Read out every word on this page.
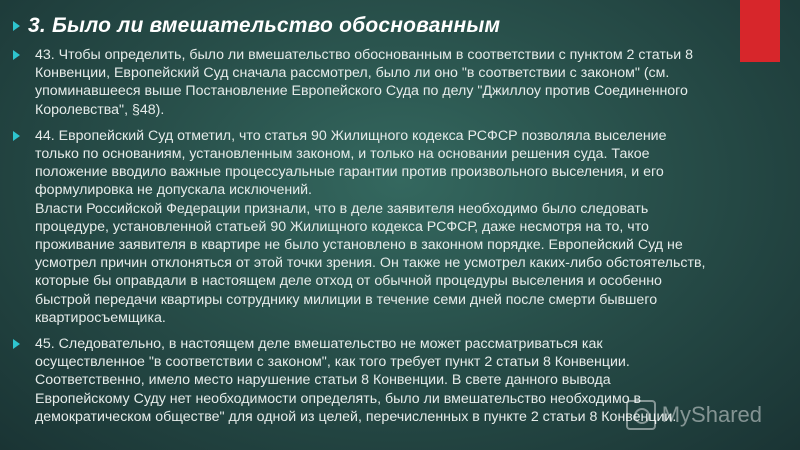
3. Было ли вмешательство обоснованным
43. Чтобы определить, было ли вмешательство обоснованным в соответствии с пунктом 2 статьи 8
Конвенции, Европейский Суд сначала рассмотрел, было ли оно "в соответствии с законом" (см.
упоминавшееся выше Постановление Европейского Суда по делу "Джиллоу против Соединенного
Королевства", §48).
44. Европейский Суд отметил, что статья 90 Жилищного кодекса РСФСР позволяла выселение
только по основаниям, установленным законом, и только на основании решения суда. Такое
положение вводило важные процессуальные гарантии против произвольного выселения, и его
формулировка не допускала исключений.
Власти Российской Федерации признали, что в деле заявителя необходимо было следовать
процедуре, установленной статьей 90 Жилищного кодекса РСФСР, даже несмотря на то, что
проживание заявителя в квартире не было установлено в законном порядке. Европейский Суд не
усмотрел причин отклоняться от этой точки зрения. Он также не усмотрел каких-либо обстоятельств,
которые бы оправдали в настоящем деле отход от обычной процедуры выселения и особенно
быстрой передачи квартиры сотруднику милиции в течение семи дней после смерти бывшего
квартиросъемщика.
45. Следовательно, в настоящем деле вмешательство не может рассматриваться как
осуществленное "в соответствии с законом", как того требует пункт 2 статьи 8 Конвенции.
Соответственно, имело место нарушение статьи 8 Конвенции. В свете данного вывода
Европейскому Суду нет необходимости определять, было ли вмешательство необходимо в
демократическом обществе" для одной из целей, перечисленных в пункте 2 статьи 8 Конвенции.
MyShared
